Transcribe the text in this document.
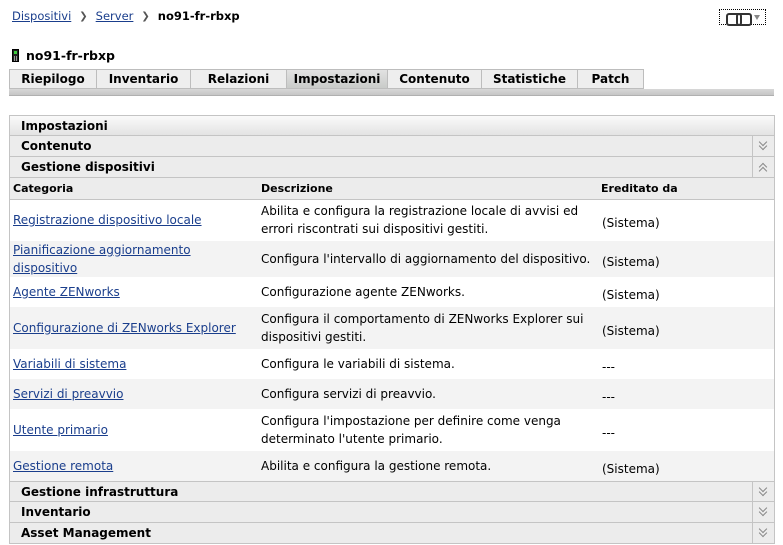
Dispositivi ❯ Server ❯ no91-fr-rbxp
no91-fr-rbxp
Riepilogo	Inventario	Relazioni	Impostazioni	Contenuto	Statistiche	Patch
Impostazioni
Contenuto
Gestione dispositivi
Categoria	Descrizione	Ereditato da
Registrazione dispositivo locale	Abilita e configura la registrazione locale di avvisi ed errori riscontrati sui dispositivi gestiti.	(Sistema)
Pianificazione aggiornamento dispositivo	Configura l'intervallo di aggiornamento del dispositivo.	(Sistema)
Agente ZENworks	Configurazione agente ZENworks.	(Sistema)
Configurazione di ZENworks Explorer	Configura il comportamento di ZENworks Explorer sui dispositivi gestiti.	(Sistema)
Variabili di sistema	Configura le variabili di sistema.	---
Servizi di preavvio	Configura servizi di preavvio.	---
Utente primario	Configura l'impostazione per definire come venga determinato l'utente primario.	---
Gestione remota	Abilita e configura la gestione remota.	(Sistema)
Gestione infrastruttura
Inventario
Asset Management
